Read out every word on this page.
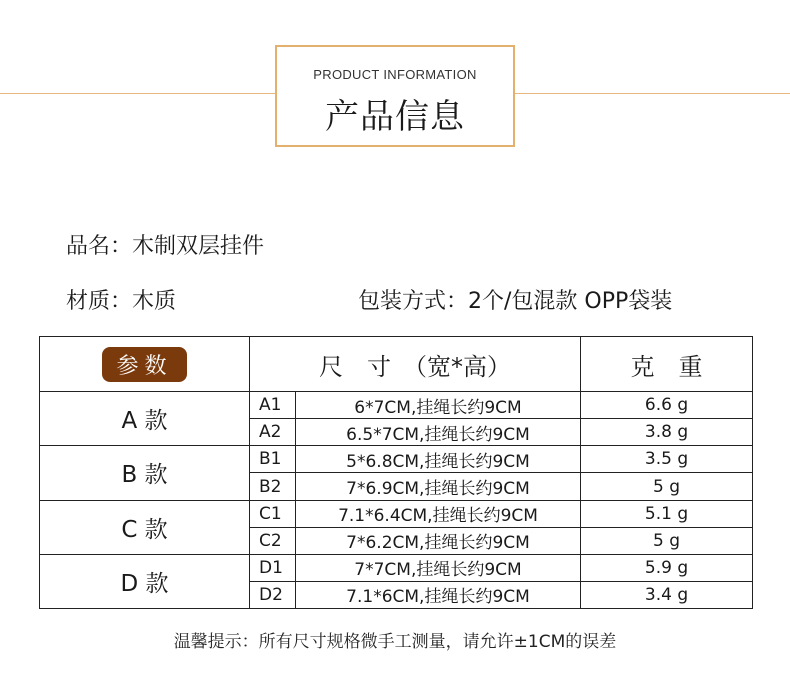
PRODUCT INFORMATION
产品信息
品名：木制双层挂件
材质：木质	包装方式：2个/包混款 OPP袋装
参数	尺　寸　（宽*高）		克　重
A 款	A1	6*7CM,挂绳长约9CM	6.6 g
	A2	6.5*7CM,挂绳长约9CM	3.8 g
B 款	B1	5*6.8CM,挂绳长约9CM	3.5 g
	B2	7*6.9CM,挂绳长约9CM	5 g
C 款	C1	7.1*6.4CM,挂绳长约9CM	5.1 g
	C2	7*6.2CM,挂绳长约9CM	5 g
D 款	D1	7*7CM,挂绳长约9CM	5.9 g
	D2	7.1*6CM,挂绳长约9CM	3.4 g
温馨提示：所有尺寸规格微手工测量，请允许±1CM的误差
